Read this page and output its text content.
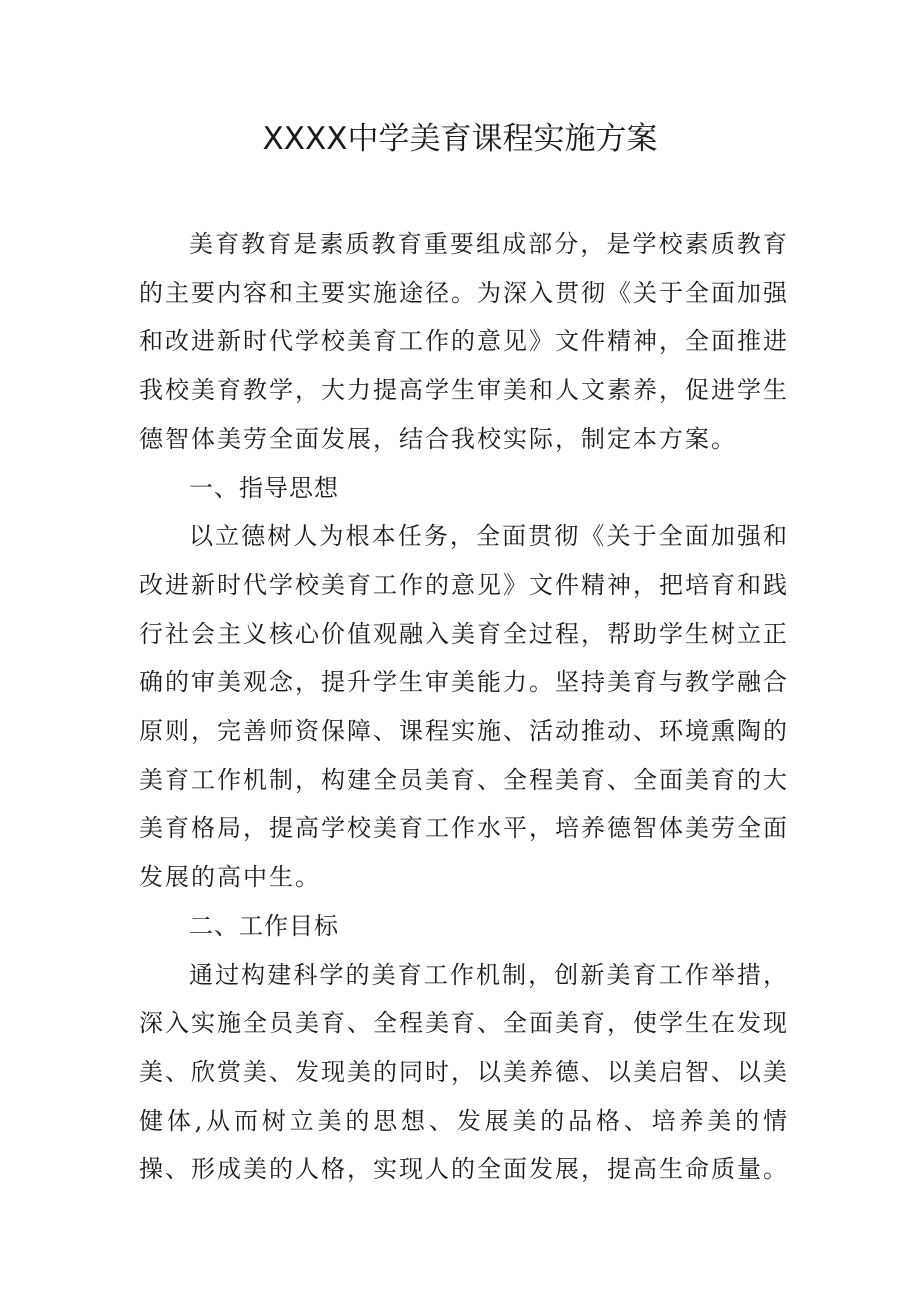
XXXX中学美育课程实施方案

美育教育是素质教育重要组成部分，是学校素质教育的主要内容和主要实施途径。为深入贯彻《关于全面加强和改进新时代学校美育工作的意见》文件精神，全面推进我校美育教学，大力提高学生审美和人文素养，促进学生德智体美劳全面发展，结合我校实际，制定本方案。

一、指导思想

以立德树人为根本任务，全面贯彻《关于全面加强和改进新时代学校美育工作的意见》文件精神，把培育和践行社会主义核心价值观融入美育全过程，帮助学生树立正确的审美观念，提升学生审美能力。坚持美育与教学融合原则，完善师资保障、课程实施、活动推动、环境熏陶的美育工作机制，构建全员美育、全程美育、全面美育的大美育格局，提高学校美育工作水平，培养德智体美劳全面发展的高中生。

二、工作目标

通过构建科学的美育工作机制，创新美育工作举措，深入实施全员美育、全程美育、全面美育，使学生在发现美、欣赏美、发现美的同时，以美养德、以美启智、以美健体,从而树立美的思想、发展美的品格、培养美的情操、形成美的人格，实现人的全面发展，提高生命质量。
